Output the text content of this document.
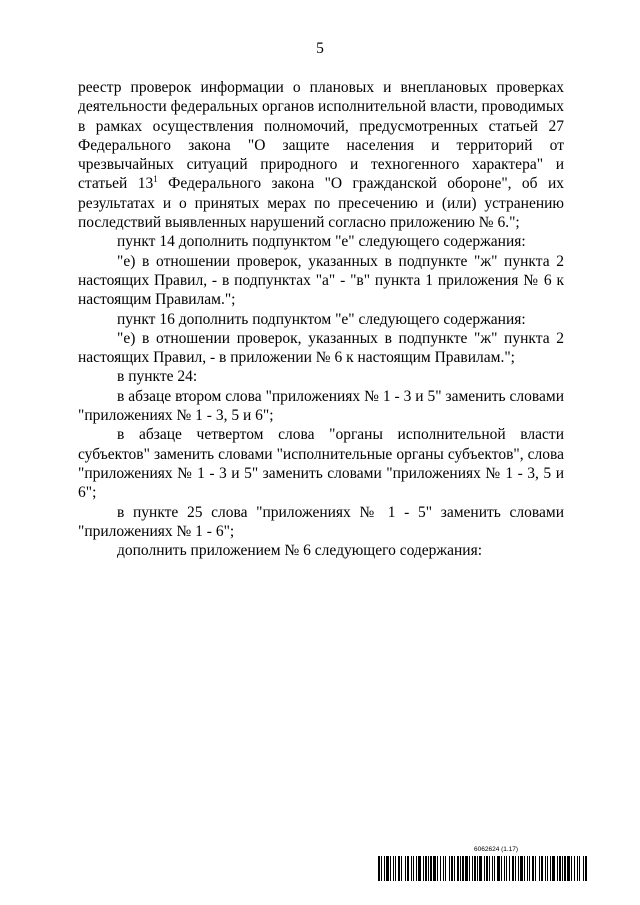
5

реестр проверок информации о плановых и внеплановых проверках деятельности федеральных органов исполнительной власти, проводимых в рамках осуществления полномочий, предусмотренных статьей 27 Федерального закона "О защите населения и территорий от чрезвычайных ситуаций природного и техногенного характера" и статьей $13^1$ Федерального закона "О гражданской обороне", об их результатах и о принятых мерах по пресечению и (или) устранению последствий выявленных нарушений согласно приложению № 6.";

пункт 14 дополнить подпунктом "е" следующего содержания:

"е) в отношении проверок, указанных в подпункте "ж" пункта 2 настоящих Правил, - в подпунктах "а" - "в" пункта 1 приложения № 6 к настоящим Правилам.";

пункт 16 дополнить подпунктом "е" следующего содержания:

"е) в отношении проверок, указанных в подпункте "ж" пункта 2 настоящих Правил, - в приложении № 6 к настоящим Правилам.";

в пункте 24:

в абзаце втором слова "приложениях № 1 - 3 и 5" заменить словами "приложениях № 1 - 3, 5 и 6";

в абзаце четвертом слова "органы исполнительной власти субъектов" заменить словами "исполнительные органы субъектов", слова "приложениях № 1 - 3 и 5" заменить словами "приложениях № 1 - 3, 5 и 6";

в пункте 25 слова "приложениях № 1 - 5" заменить словами "приложениях № 1 - 6";

дополнить приложением № 6 следующего содержания:

6062624 (1.17)
